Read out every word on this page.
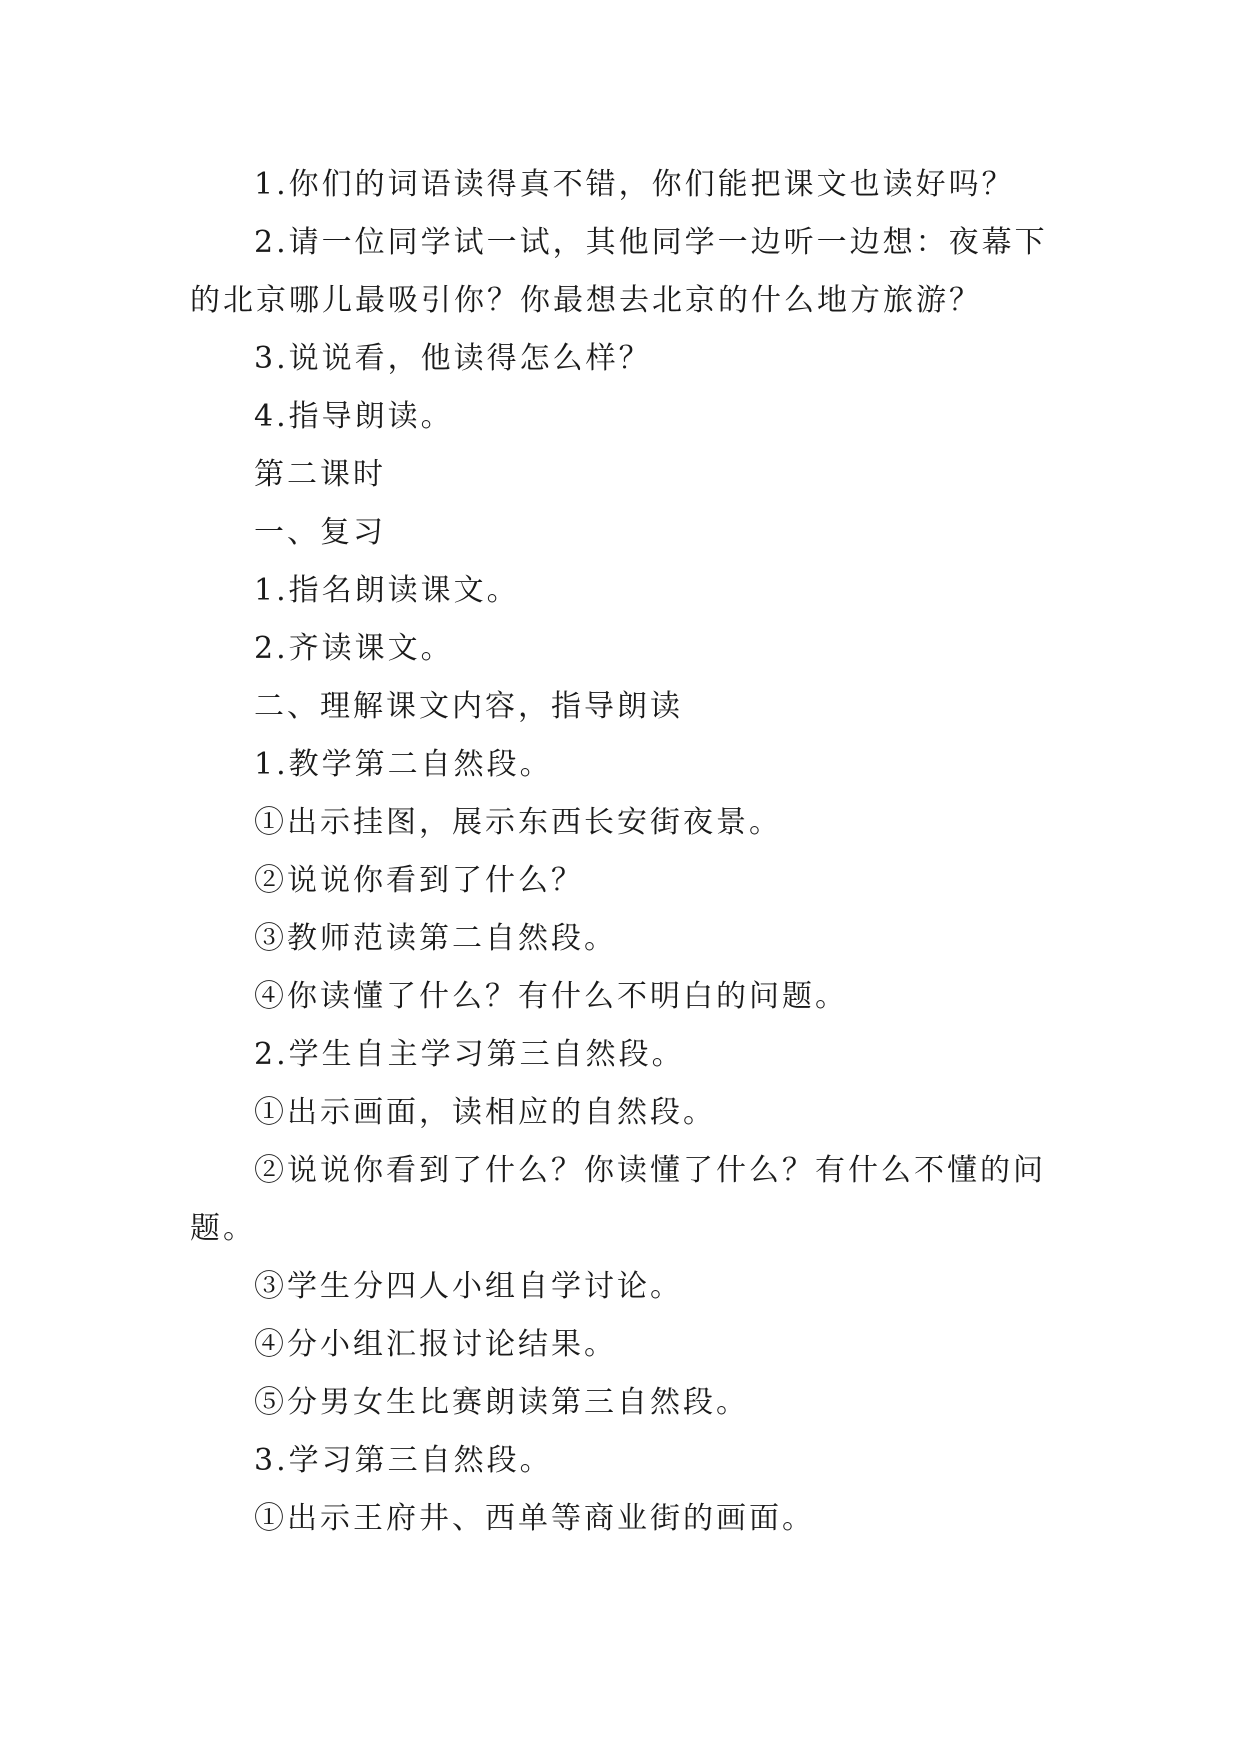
1.你们的词语读得真不错，你们能把课文也读好吗？

2.请一位同学试一试，其他同学一边听一边想：夜幕下的北京哪儿最吸引你？你最想去北京的什么地方旅游？

3.说说看，他读得怎么样？

4.指导朗读。

第二课时

一、复习

1.指名朗读课文。

2.齐读课文。

二、理解课文内容，指导朗读

1.教学第二自然段。

①出示挂图，展示东西长安街夜景。

②说说你看到了什么？

③教师范读第二自然段。

④你读懂了什么？有什么不明白的问题。

2.学生自主学习第三自然段。

①出示画面，读相应的自然段。

②说说你看到了什么？你读懂了什么？有什么不懂的问题。

③学生分四人小组自学讨论。

④分小组汇报讨论结果。

⑤分男女生比赛朗读第三自然段。

3.学习第三自然段。

①出示王府井、西单等商业街的画面。
